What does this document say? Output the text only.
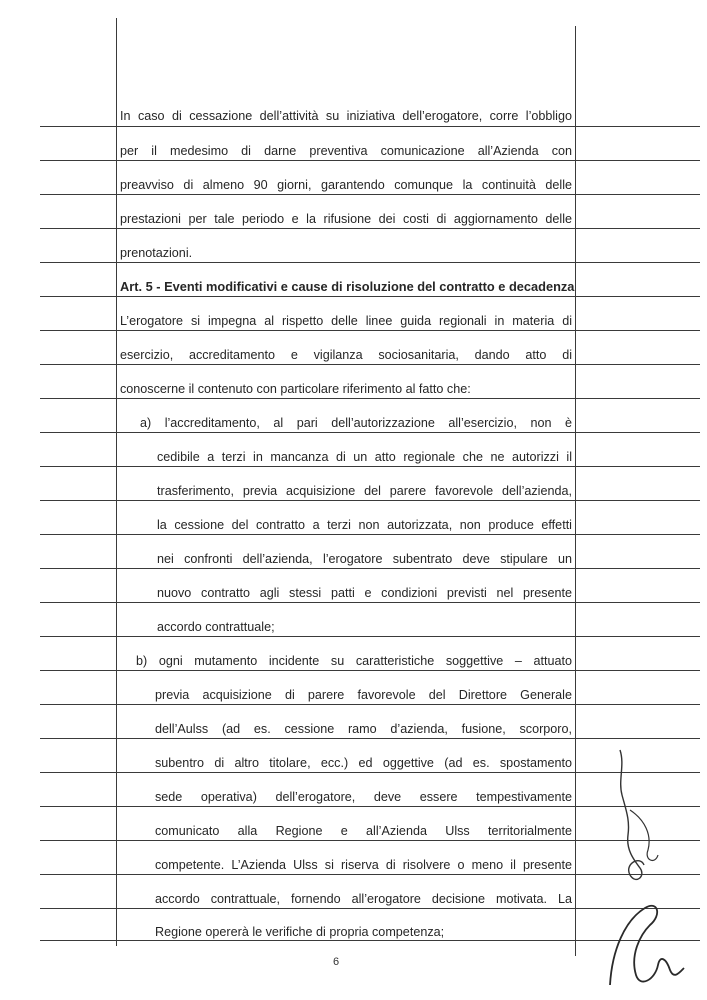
In caso di cessazione dell’attività su iniziativa dell’erogatore, corre l’obbligo
per il medesimo di darne preventiva comunicazione all’Azienda con
preavviso di almeno 90 giorni, garantendo comunque la continuità delle
prestazioni per tale periodo e la rifusione dei costi di aggiornamento delle
prenotazioni.
Art. 5 - Eventi modificativi e cause di risoluzione del contratto e decadenza
L’erogatore si impegna al rispetto delle linee guida regionali in materia di
esercizio, accreditamento e vigilanza sociosanitaria, dando atto di
conoscerne il contenuto con particolare riferimento al fatto che:
a) l’accreditamento, al pari dell’autorizzazione all’esercizio, non è
cedibile a terzi in mancanza di un atto regionale che ne autorizzi il
trasferimento, previa acquisizione del parere favorevole dell’azienda,
la cessione del contratto a terzi non autorizzata, non produce effetti
nei confronti dell’azienda, l’erogatore subentrato deve stipulare un
nuovo contratto agli stessi patti e condizioni previsti nel presente
accordo contrattuale;
b) ogni mutamento incidente su caratteristiche soggettive – attuato
previa acquisizione di parere favorevole del Direttore Generale
dell’Aulss (ad es. cessione ramo d’azienda, fusione, scorporo,
subentro di altro titolare, ecc.) ed oggettive (ad es. spostamento
sede operativa) dell’erogatore, deve essere tempestivamente
comunicato alla Regione e all’Azienda Ulss territorialmente
competente. L’Azienda Ulss si riserva di risolvere o meno il presente
accordo contrattuale, fornendo all’erogatore decisione motivata. La
Regione opererà le verifiche di propria competenza;
6
